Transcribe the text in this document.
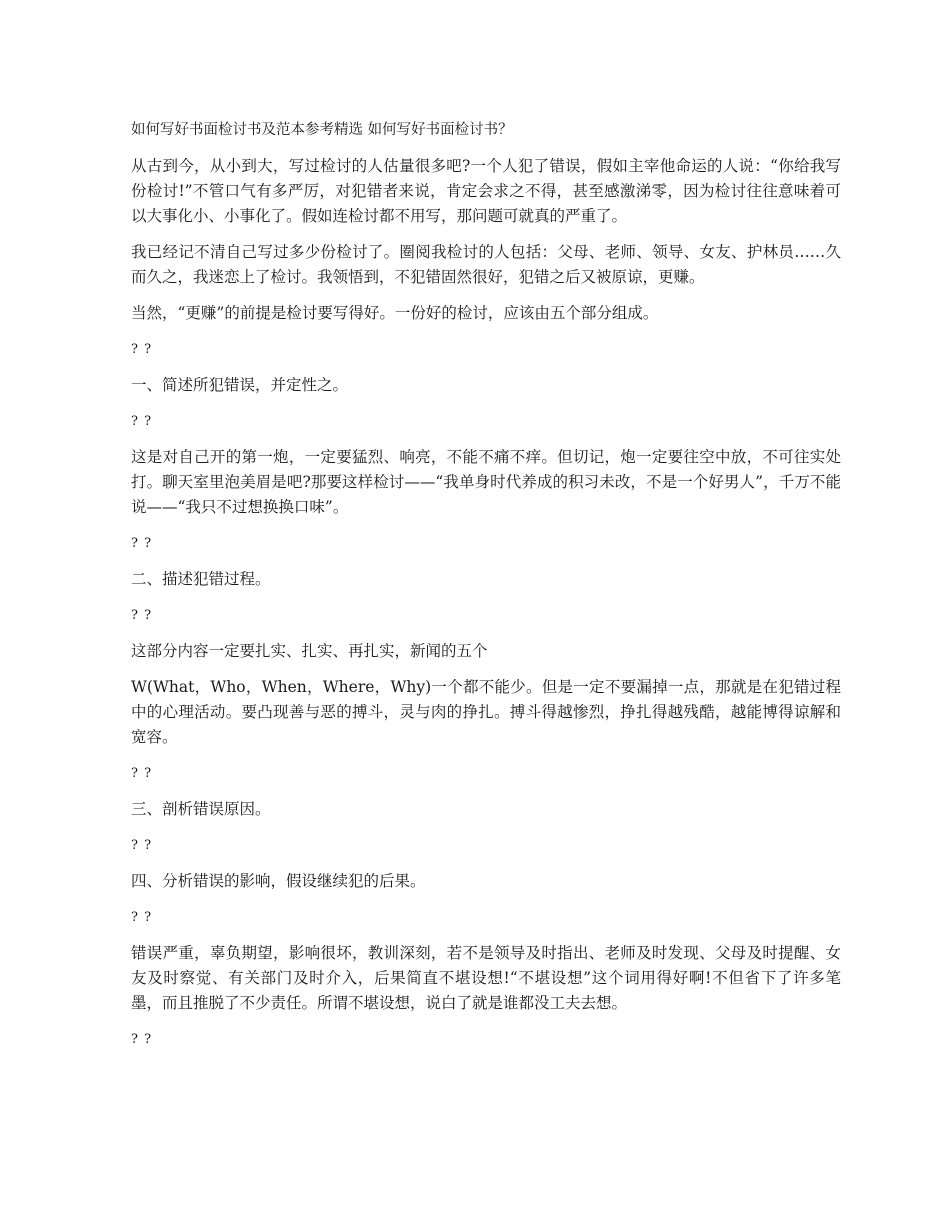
如何写好书面检讨书及范本参考精选 如何写好书面检讨书？

从古到今，从小到大，写过检讨的人估量很多吧?一个人犯了错误，假如主宰他命运的人说：“你给我写份检讨!”不管口气有多严厉，对犯错者来说，肯定会求之不得，甚至感激涕零，因为检讨往往意味着可以大事化小、小事化了。假如连检讨都不用写，那问题可就真的严重了。

我已经记不清自己写过多少份检讨了。圈阅我检讨的人包括：父母、老师、领导、女友、护林员……久而久之，我迷恋上了检讨。我领悟到，不犯错固然很好，犯错之后又被原谅，更赚。

当然，“更赚”的前提是检讨要写得好。一份好的检讨，应该由五个部分组成。

? ?

一、简述所犯错误，并定性之。

? ?

这是对自己开的第一炮，一定要猛烈、响亮，不能不痛不痒。但切记，炮一定要往空中放，不可往实处打。聊天室里泡美眉是吧?那要这样检讨——“我单身时代养成的积习未改，不是一个好男人”，千万不能说——“我只不过想换换口味”。

? ?

二、描述犯错过程。

? ?

这部分内容一定要扎实、扎实、再扎实，新闻的五个

W(What，Who，When，Where，Why)一个都不能少。但是一定不要漏掉一点，那就是在犯错过程中的心理活动。要凸现善与恶的搏斗，灵与肉的挣扎。搏斗得越惨烈，挣扎得越残酷，越能博得谅解和宽容。

? ?

三、剖析错误原因。

? ?

四、分析错误的影响，假设继续犯的后果。

? ?

错误严重，辜负期望，影响很坏，教训深刻，若不是领导及时指出、老师及时发现、父母及时提醒、女友及时察觉、有关部门及时介入，后果简直不堪设想!“不堪设想”这个词用得好啊!不但省下了许多笔墨，而且推脱了不少责任。所谓不堪设想，说白了就是谁都没工夫去想。

? ?
